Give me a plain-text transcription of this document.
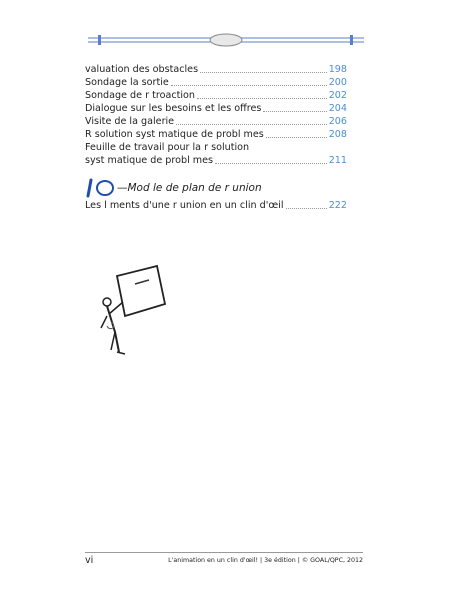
valuation des obstacles	198
Sondage la sortie	200
Sondage de r troaction	202
Dialogue sur les besoins et les offres	204
Visite de la galerie	206
R solution syst matique de probl mes	208
Feuille de travail pour la r solution
syst matique de probl mes	211
10
—Mod le de plan de r union
Les l ments d'une r union en un clin d'œil	222
vi	L'animation en un clin d'œil! | 3e édition | © GOAL/QPC, 2012
